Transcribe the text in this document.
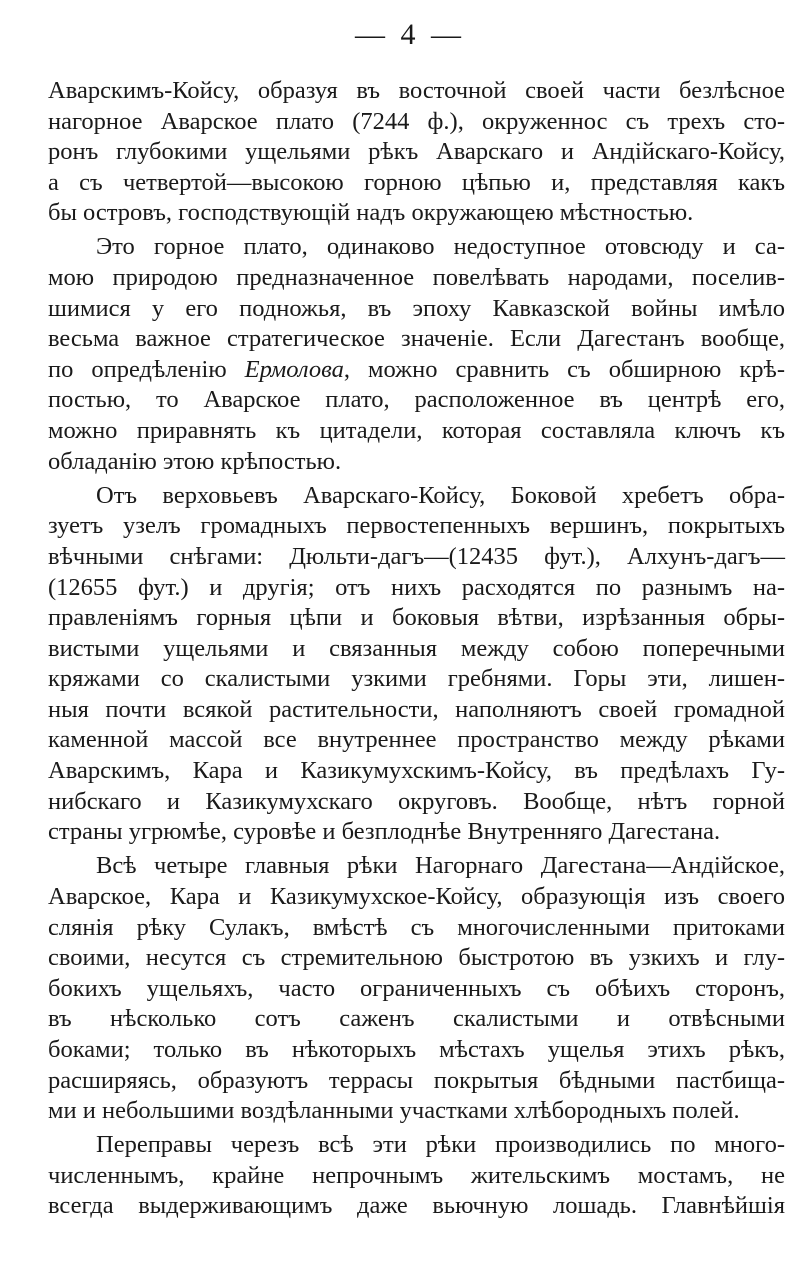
— 4 —
Аварскимъ-Койсу, образуя въ восточной своей части безлѣсное
нагорное Аварское плато (7244 ф.), окруженнос съ трехъ сто-
ронъ глубокими ущельями рѣкъ Аварскаго и Андійскаго-Койсу,
а съ четвертой—высокою горною цѣпью и, представляя какъ
бы островъ, господствующій надъ окружающею мѣстностью.
Это горное плато, одинаково недоступное отовсюду и са-
мою природою предназначенное повелѣвать народами, поселив-
шимися у его подножья, въ эпоху Кавказской войны имѣло
весьма важное стратегическое значеніе. Если Дагестанъ вообще,
по опредѣленію Ермолова, можно сравнить съ обширною крѣ-
постью, то Аварское плато, расположенное въ центрѣ его,
можно приравнять къ цитадели, которая составляла ключъ къ
обладанію этою крѣпостью.
Отъ верховьевъ Аварскаго-Койсу, Боковой хребетъ обра-
зуетъ узелъ громадныхъ первостепенныхъ вершинъ, покрытыхъ
вѣчными снѣгами: Дюльти-дагъ—(12435 фут.), Алхунъ-дагъ—
(12655 фут.) и другія; отъ нихъ расходятся по разнымъ на-
правленіямъ горныя цѣпи и боковыя вѣтви, изрѣзанныя обры-
вистыми ущельями и связанныя между собою поперечными
кряжами со скалистыми узкими гребнями. Горы эти, лишен-
ныя почти всякой растительности, наполняютъ своей громадной
каменной массой все внутреннее пространство между рѣками
Аварскимъ, Кара и Казикумухскимъ-Койсу, въ предѣлахъ Гу-
нибскаго и Казикумухскаго округовъ. Вообще, нѣтъ горной
страны угрюмѣе, суровѣе и безплоднѣе Внутренняго Дагестана.
Всѣ четыре главныя рѣки Нагорнаго Дагестана—Андійское,
Аварское, Кара и Казикумухское-Койсу, образующія изъ своего
слянія рѣку Сулакъ, вмѣстѣ съ многочисленными притоками
своими, несутся съ стремительною быстротою въ узкихъ и глу-
бокихъ ущельяхъ, часто ограниченныхъ съ обѣихъ сторонъ,
въ нѣсколько сотъ саженъ скалистыми и отвѣсными
боками; только въ нѣкоторыхъ мѣстахъ ущелья этихъ рѣкъ,
расширяясь, образуютъ террасы покрытыя бѣдными пастбища-
ми и небольшими воздѣланными участками хлѣбородныхъ полей.
Переправы черезъ всѣ эти рѣки производились по много-
численнымъ, крайне непрочнымъ жительскимъ мостамъ, не
всегда выдерживающимъ даже вьючную лошадь. Главнѣйшія
